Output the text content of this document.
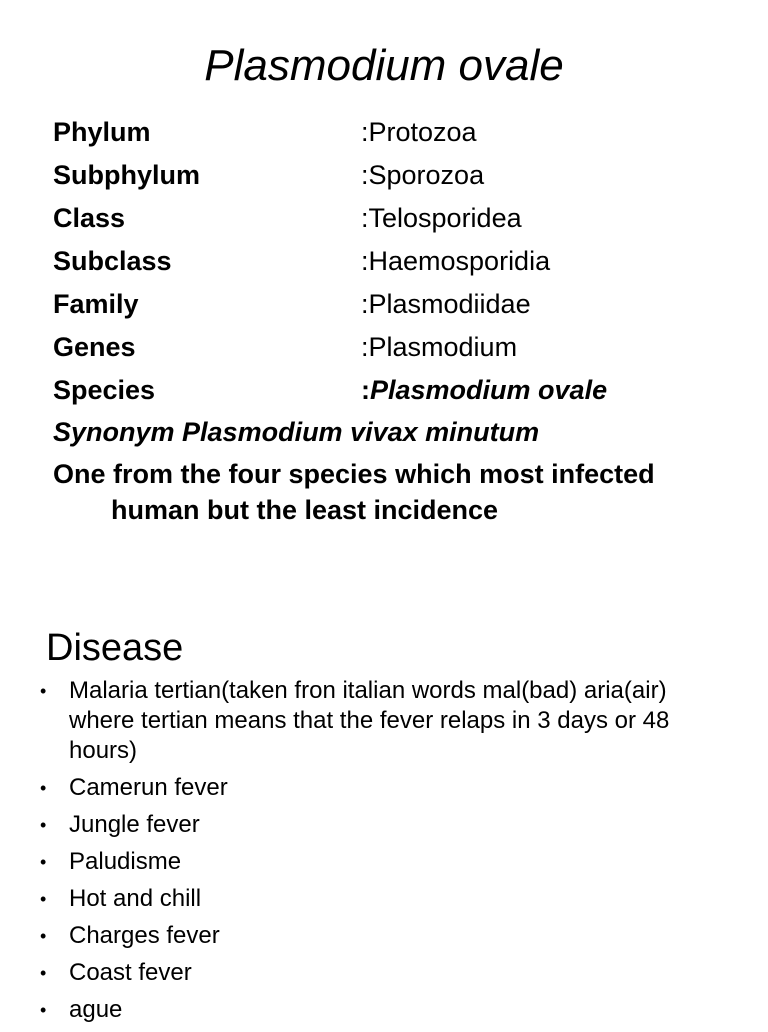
Plasmodium ovale
Phylum	:Protozoa
Subphylum	:Sporozoa
Class	:Telosporidea
Subclass	:Haemosporidia
Family	:Plasmodiidae
Genes	:Plasmodium
Species	:Plasmodium ovale
Synonym Plasmodium vivax minutum
One from the four species which most infected
human but the least incidence
Disease
• Malaria tertian(taken fron italian words mal(bad) aria(air) where tertian means that the fever relaps in 3 days or 48 hours)
• Camerun fever
• Jungle fever
• Paludisme
• Hot and chill
• Charges fever
• Coast fever
• ague
